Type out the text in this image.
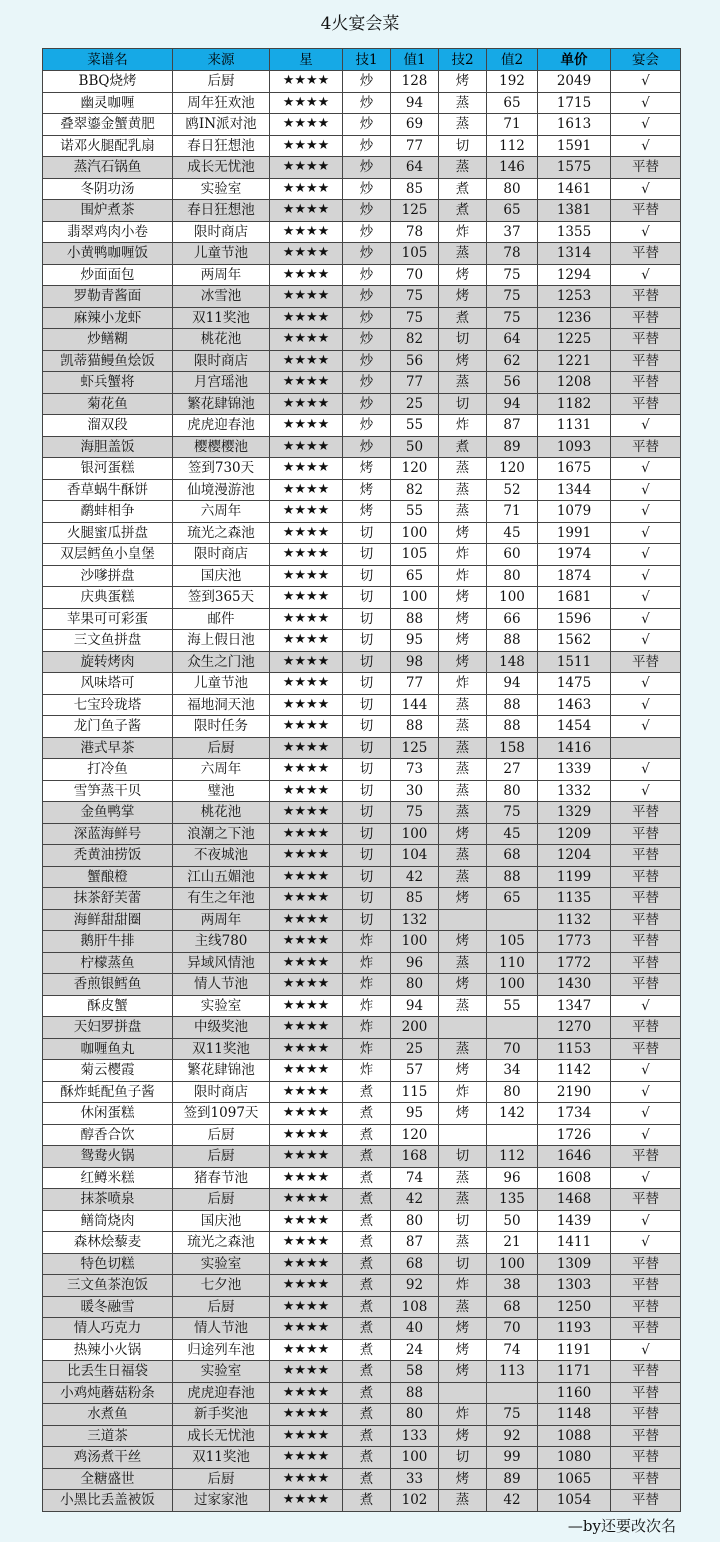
4火宴会菜
菜谱名	来源	星	技1	值1	技2	值2	单价	宴会
BBQ烧烤	后厨	★★★★	炒	128	烤	192	2049	√
幽灵咖喱	周年狂欢池	★★★★	炒	94	蒸	65	1715	√
叠翠鎏金蟹黄肥	鸥IN派对池	★★★★	炒	69	蒸	71	1613	√
诺邓火腿配乳扇	春日狂想池	★★★★	炒	77	切	112	1591	√
蒸汽石锅鱼	成长无忧池	★★★★	炒	64	蒸	146	1575	平替
冬阴功汤	实验室	★★★★	炒	85	煮	80	1461	√
围炉煮茶	春日狂想池	★★★★	炒	125	煮	65	1381	平替
翡翠鸡肉小卷	限时商店	★★★★	炒	78	炸	37	1355	√
小黄鸭咖喱饭	儿童节池	★★★★	炒	105	蒸	78	1314	平替
炒面面包	两周年	★★★★	炒	70	烤	75	1294	√
罗勒青酱面	冰雪池	★★★★	炒	75	烤	75	1253	平替
麻辣小龙虾	双11奖池	★★★★	炒	75	煮	75	1236	平替
炒鳝糊	桃花池	★★★★	炒	82	切	64	1225	平替
凯蒂猫鳗鱼烩饭	限时商店	★★★★	炒	56	烤	62	1221	平替
虾兵蟹将	月宫瑶池	★★★★	炒	77	蒸	56	1208	平替
菊花鱼	繁花肆锦池	★★★★	炒	25	切	94	1182	平替
溜双段	虎虎迎春池	★★★★	炒	55	炸	87	1131	√
海胆盖饭	樱樱樱池	★★★★	炒	50	煮	89	1093	平替
银河蛋糕	签到730天	★★★★	烤	120	蒸	120	1675	√
香草蜗牛酥饼	仙境漫游池	★★★★	烤	82	蒸	52	1344	√
鹬蚌相争	六周年	★★★★	烤	55	蒸	71	1079	√
火腿蜜瓜拼盘	琉光之森池	★★★★	切	100	烤	45	1991	√
双层鳕鱼小皇堡	限时商店	★★★★	切	105	炸	60	1974	√
沙嗲拼盘	国庆池	★★★★	切	65	炸	80	1874	√
庆典蛋糕	签到365天	★★★★	切	100	烤	100	1681	√
苹果可可彩蛋	邮件	★★★★	切	88	烤	66	1596	√
三文鱼拼盘	海上假日池	★★★★	切	95	烤	88	1562	√
旋转烤肉	众生之门池	★★★★	切	98	烤	148	1511	平替
风味塔可	儿童节池	★★★★	切	77	炸	94	1475	√
七宝玲珑塔	福地洞天池	★★★★	切	144	蒸	88	1463	√
龙门鱼子酱	限时任务	★★★★	切	88	蒸	88	1454	√
港式早茶	后厨	★★★★	切	125	蒸	158	1416	
打冷鱼	六周年	★★★★	切	73	蒸	27	1339	√
雪笋蒸干贝	璧池	★★★★	切	30	蒸	80	1332	√
金鱼鸭掌	桃花池	★★★★	切	75	蒸	75	1329	平替
深蓝海鲜号	浪潮之下池	★★★★	切	100	烤	45	1209	平替
秃黄油捞饭	不夜城池	★★★★	切	104	蒸	68	1204	平替
蟹酿橙	江山五媚池	★★★★	切	42	蒸	88	1199	平替
抹茶舒芙蕾	有生之年池	★★★★	切	85	烤	65	1135	平替
海鲜甜甜圈	两周年	★★★★	切	132			1132	平替
鹅肝牛排	主线780	★★★★	炸	100	烤	105	1773	平替
柠檬蒸鱼	异域风情池	★★★★	炸	96	蒸	110	1772	平替
香煎银鳕鱼	情人节池	★★★★	炸	80	烤	100	1430	平替
酥皮蟹	实验室	★★★★	炸	94	蒸	55	1347	√
天妇罗拼盘	中级奖池	★★★★	炸	200			1270	平替
咖喱鱼丸	双11奖池	★★★★	炸	25	蒸	70	1153	平替
菊云樱霞	繁花肆锦池	★★★★	炸	57	烤	34	1142	√
酥炸蚝配鱼子酱	限时商店	★★★★	煮	115	炸	80	2190	√
休闲蛋糕	签到1097天	★★★★	煮	95	烤	142	1734	√
醇香合饮	后厨	★★★★	煮	120			1726	√
鸳鸯火锅	后厨	★★★★	煮	168	切	112	1646	平替
红鳟米糕	猪春节池	★★★★	煮	74	蒸	96	1608	√
抹茶喷泉	后厨	★★★★	煮	42	蒸	135	1468	平替
鳝筒烧肉	国庆池	★★★★	煮	80	切	50	1439	√
森林烩藜麦	琉光之森池	★★★★	煮	87	蒸	21	1411	√
特色切糕	实验室	★★★★	煮	68	切	100	1309	平替
三文鱼茶泡饭	七夕池	★★★★	煮	92	炸	38	1303	平替
暖冬融雪	后厨	★★★★	煮	108	蒸	68	1250	平替
情人巧克力	情人节池	★★★★	煮	40	烤	70	1193	平替
热辣小火锅	归途列车池	★★★★	煮	24	烤	74	1191	√
比丢生日福袋	实验室	★★★★	煮	58	烤	113	1171	平替
小鸡炖蘑菇粉条	虎虎迎春池	★★★★	煮	88			1160	平替
水煮鱼	新手奖池	★★★★	煮	80	炸	75	1148	平替
三道茶	成长无忧池	★★★★	煮	133	烤	92	1088	平替
鸡汤煮干丝	双11奖池	★★★★	煮	100	切	99	1080	平替
全糖盛世	后厨	★★★★	煮	33	烤	89	1065	平替
小黑比丢盖被饭	过家家池	★★★★	煮	102	蒸	42	1054	平替
—by还要改次名
